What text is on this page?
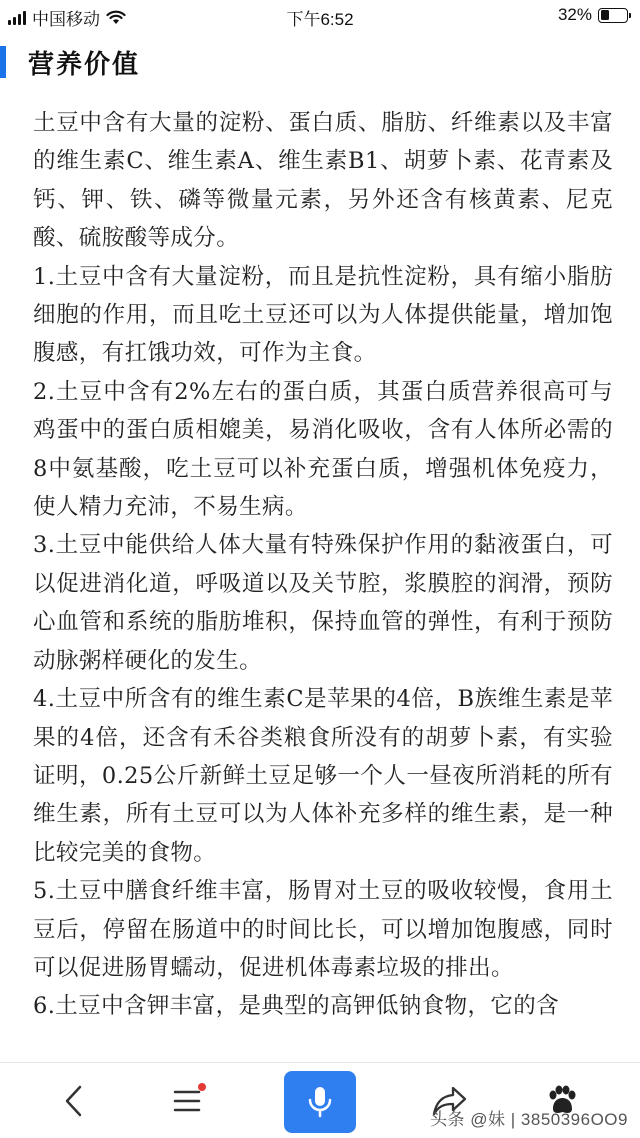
中国移动	下午6:52	32%
营养价值

土豆中含有大量的淀粉、蛋白质、脂肪、纤维素以及丰富的维生素C、维生素A、维生素B1、胡萝卜素、花青素及钙、钾、铁、磷等微量元素，另外还含有核黄素、尼克酸、硫胺酸等成分。

1.土豆中含有大量淀粉，而且是抗性淀粉，具有缩小脂肪细胞的作用，而且吃土豆还可以为人体提供能量，增加饱腹感，有扛饿功效，可作为主食。

2.土豆中含有2%左右的蛋白质，其蛋白质营养很高可与鸡蛋中的蛋白质相媲美，易消化吸收，含有人体所必需的8中氨基酸，吃土豆可以补充蛋白质，增强机体免疫力，使人精力充沛，不易生病。

3.土豆中能供给人体大量有特殊保护作用的黏液蛋白，可以促进消化道，呼吸道以及关节腔，浆膜腔的润滑，预防心血管和系统的脂肪堆积，保持血管的弹性，有利于预防动脉粥样硬化的发生。

4.土豆中所含有的维生素C是苹果的4倍，B族维生素是苹果的4倍，还含有禾谷类粮食所没有的胡萝卜素，有实验证明，0.25公斤新鲜土豆足够一个人一昼夜所消耗的所有维生素，所有土豆可以为人体补充多样的维生素，是一种比较完美的食物。

5.土豆中膳食纤维丰富，肠胃对土豆的吸收较慢，食用土豆后，停留在肠道中的时间比长，可以增加饱腹感，同时可以促进肠胃蠕动，促进机体毒素垃圾的排出。

6.土豆中含钾丰富，是典型的高钾低钠食物，它的含

头条 @妹 | 3850396OO9
